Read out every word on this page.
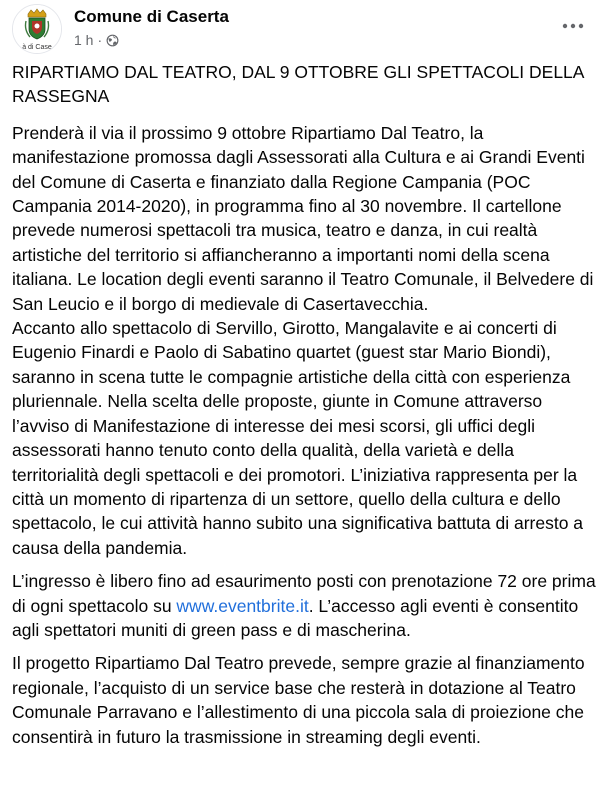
à di Case
Comune di Caserta
1 h ·

RIPARTIAMO DAL TEATRO, DAL 9 OTTOBRE GLI SPETTACOLI DELLA RASSEGNA

Prenderà il via il prossimo 9 ottobre Ripartiamo Dal Teatro, la manifestazione promossa dagli Assessorati alla Cultura e ai Grandi Eventi del Comune di Caserta e finanziato dalla Regione Campania (POC Campania 2014-2020), in programma fino al 30 novembre. Il cartellone prevede numerosi spettacoli tra musica, teatro e danza, in cui realtà artistiche del territorio si affiancheranno a importanti nomi della scena italiana. Le location degli eventi saranno il Teatro Comunale, il Belvedere di San Leucio e il borgo di medievale di Casertavecchia.

Accanto allo spettacolo di Servillo, Girotto, Mangalavite e ai concerti di Eugenio Finardi e Paolo di Sabatino quartet (guest star Mario Biondi), saranno in scena tutte le compagnie artistiche della città con esperienza pluriennale. Nella scelta delle proposte, giunte in Comune attraverso l’avviso di Manifestazione di interesse dei mesi scorsi, gli uffici degli assessorati hanno tenuto conto della qualità, della varietà e della territorialità degli spettacoli e dei promotori. L’iniziativa rappresenta per la città un momento di ripartenza di un settore, quello della cultura e dello spettacolo, le cui attività hanno subito una significativa battuta di arresto a causa della pandemia.

L’ingresso è libero fino ad esaurimento posti con prenotazione 72 ore prima di ogni spettacolo su www.eventbrite.it. L’accesso agli eventi è consentito agli spettatori muniti di green pass e di mascherina.

Il progetto Ripartiamo Dal Teatro prevede, sempre grazie al finanziamento regionale, l’acquisto di un service base che resterà in dotazione al Teatro Comunale Parravano e l’allestimento di una piccola sala di proiezione che consentirà in futuro la trasmissione in streaming degli eventi.
